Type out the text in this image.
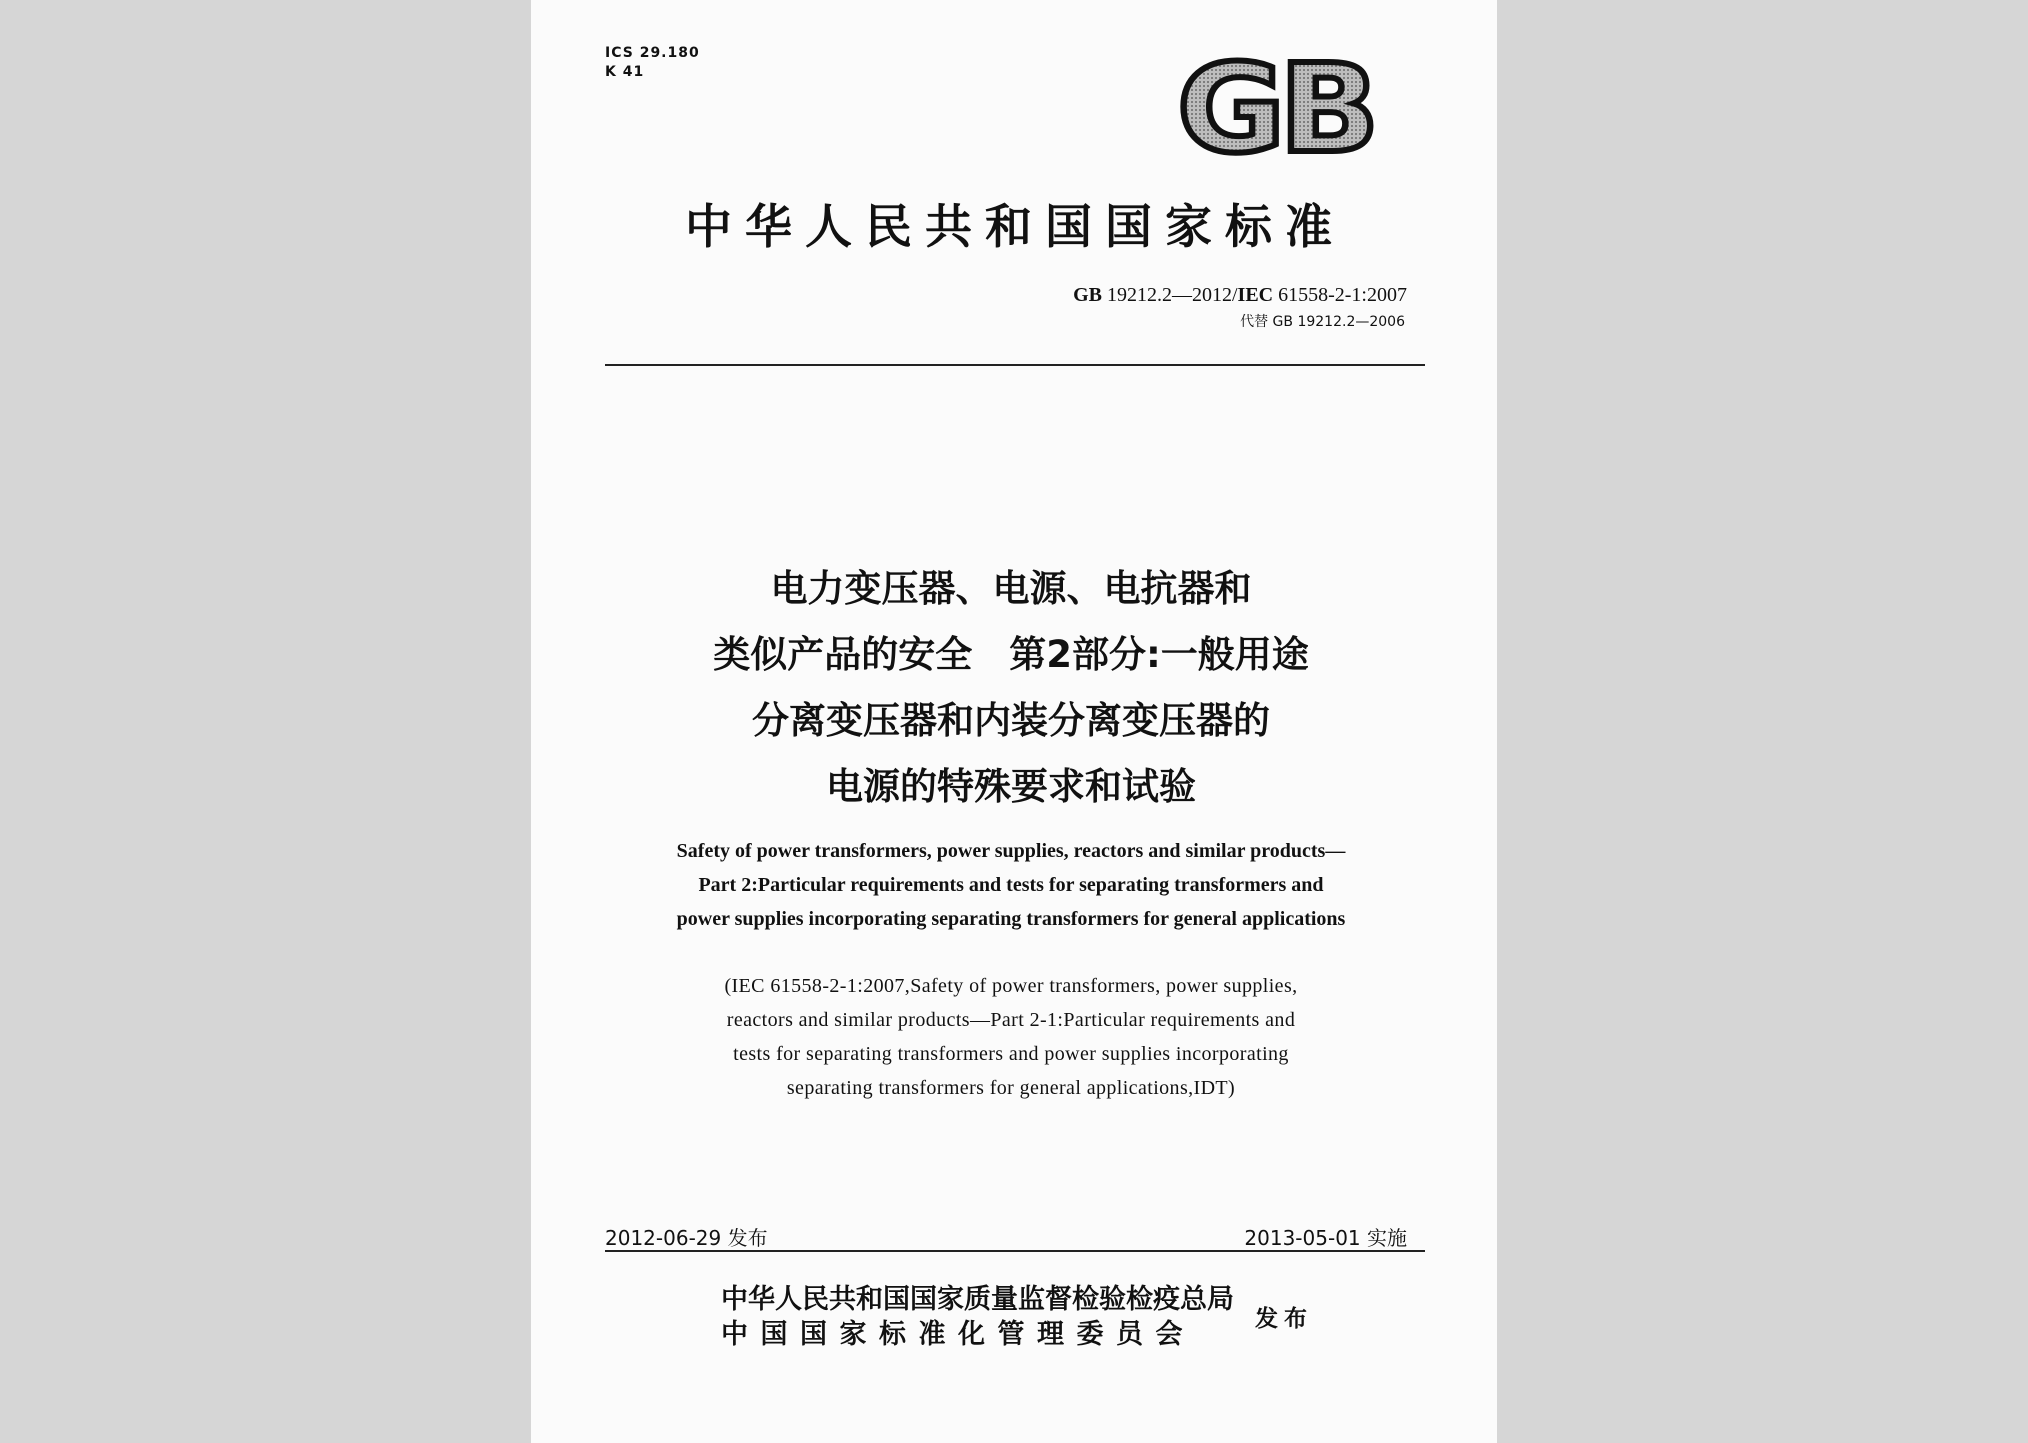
ICS 29.180
K 41	GB
中华人民共和国国家标准
GB 19212.2—2012/IEC 61558-2-1:2007
代替 GB 19212.2—2006
电力变压器、电源、电抗器和
类似产品的安全　第2部分:一般用途
分离变压器和内装分离变压器的
电源的特殊要求和试验
Safety of power transformers, power supplies, reactors and similar products—
Part 2:Particular requirements and tests for separating transformers and
power supplies incorporating separating transformers for general applications
(IEC 61558-2-1:2007,Safety of power transformers, power supplies,
reactors and similar products—Part 2-1:Particular requirements and
tests for separating transformers and power supplies incorporating
separating transformers for general applications,IDT)
2012-06-29 发布	2013-05-01 实施
中华人民共和国国家质量监督检验检疫总局
中国国家标准化管理委员会
发布
